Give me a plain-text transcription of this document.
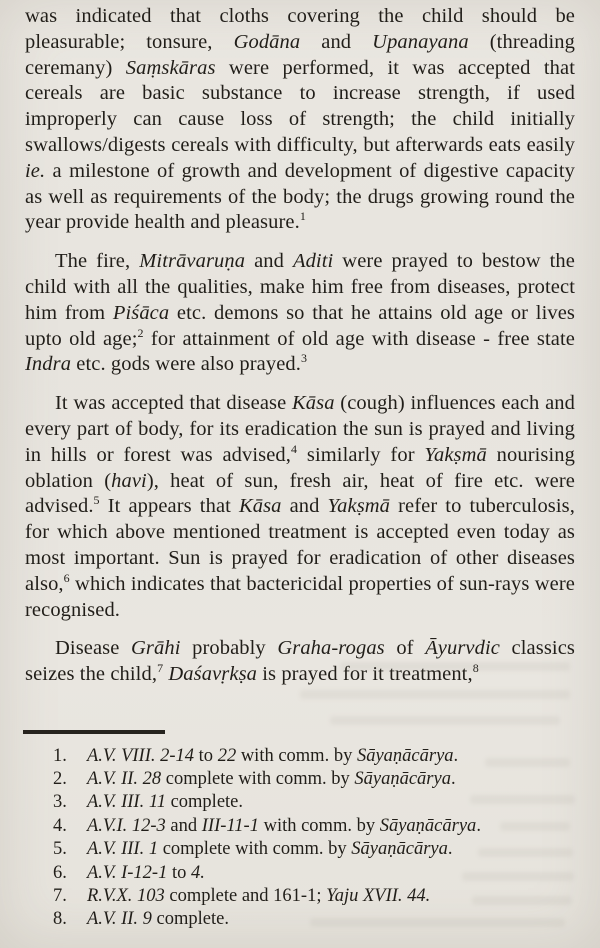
was indicated that cloths covering the child should be pleasurable; tonsure, Godāna and Upanayana (threading ceremany) Saṃskāras were performed, it was accepted that cereals are basic substance to increase strength, if used improperly can cause loss of strength; the child initially swallows/digests cereals with difficulty, but afterwards eats easily ie. a milestone of growth and development of digestive capacity as well as requirements of the body; the drugs growing round the year provide health and pleasure.$^1$

The fire, Mitrāvaruṇa and Aditi were prayed to bestow the child with all the qualities, make him free from diseases, protect him from Piśāca etc. demons so that he attains old age or lives upto old age;$^2$ for attainment of old age with disease - free state Indra etc. gods were also prayed.$^3$

It was accepted that disease Kāsa (cough) influences each and every part of body, for its eradication the sun is prayed and living in hills or forest was advised,$^4$ similarly for Yakṣmā nourising oblation (havi), heat of sun, fresh air, heat of fire etc. were advised.$^5$ It appears that Kāsa and Yakṣmā refer to tuberculosis, for which above mentioned treatment is accepted even today as most important. Sun is prayed for eradication of other diseases also,$^6$ which indicates that bactericidal properties of sun-rays were recognised.

Disease Grāhi probably Graha-rogas of Āyurvdic classics seizes the child,$^7$ Daśavṛkṣa is prayed for it treatment,$^8$

1.	A.V. VIII. 2-14 to 22 with comm. by Sāyaṇācārya.
2.	A.V. II. 28 complete with comm. by Sāyaṇācārya.
3.	A.V. III. 11 complete.
4.	A.V.I. 12-3 and III-11-1 with comm. by Sāyaṇācārya.
5.	A.V. III. 1 complete with comm. by Sāyaṇācārya.
6.	A.V. I-12-1 to 4.
7.	R.V.X. 103 complete and 161-1; Yaju XVII. 44.
8.	A.V. II. 9 complete.
